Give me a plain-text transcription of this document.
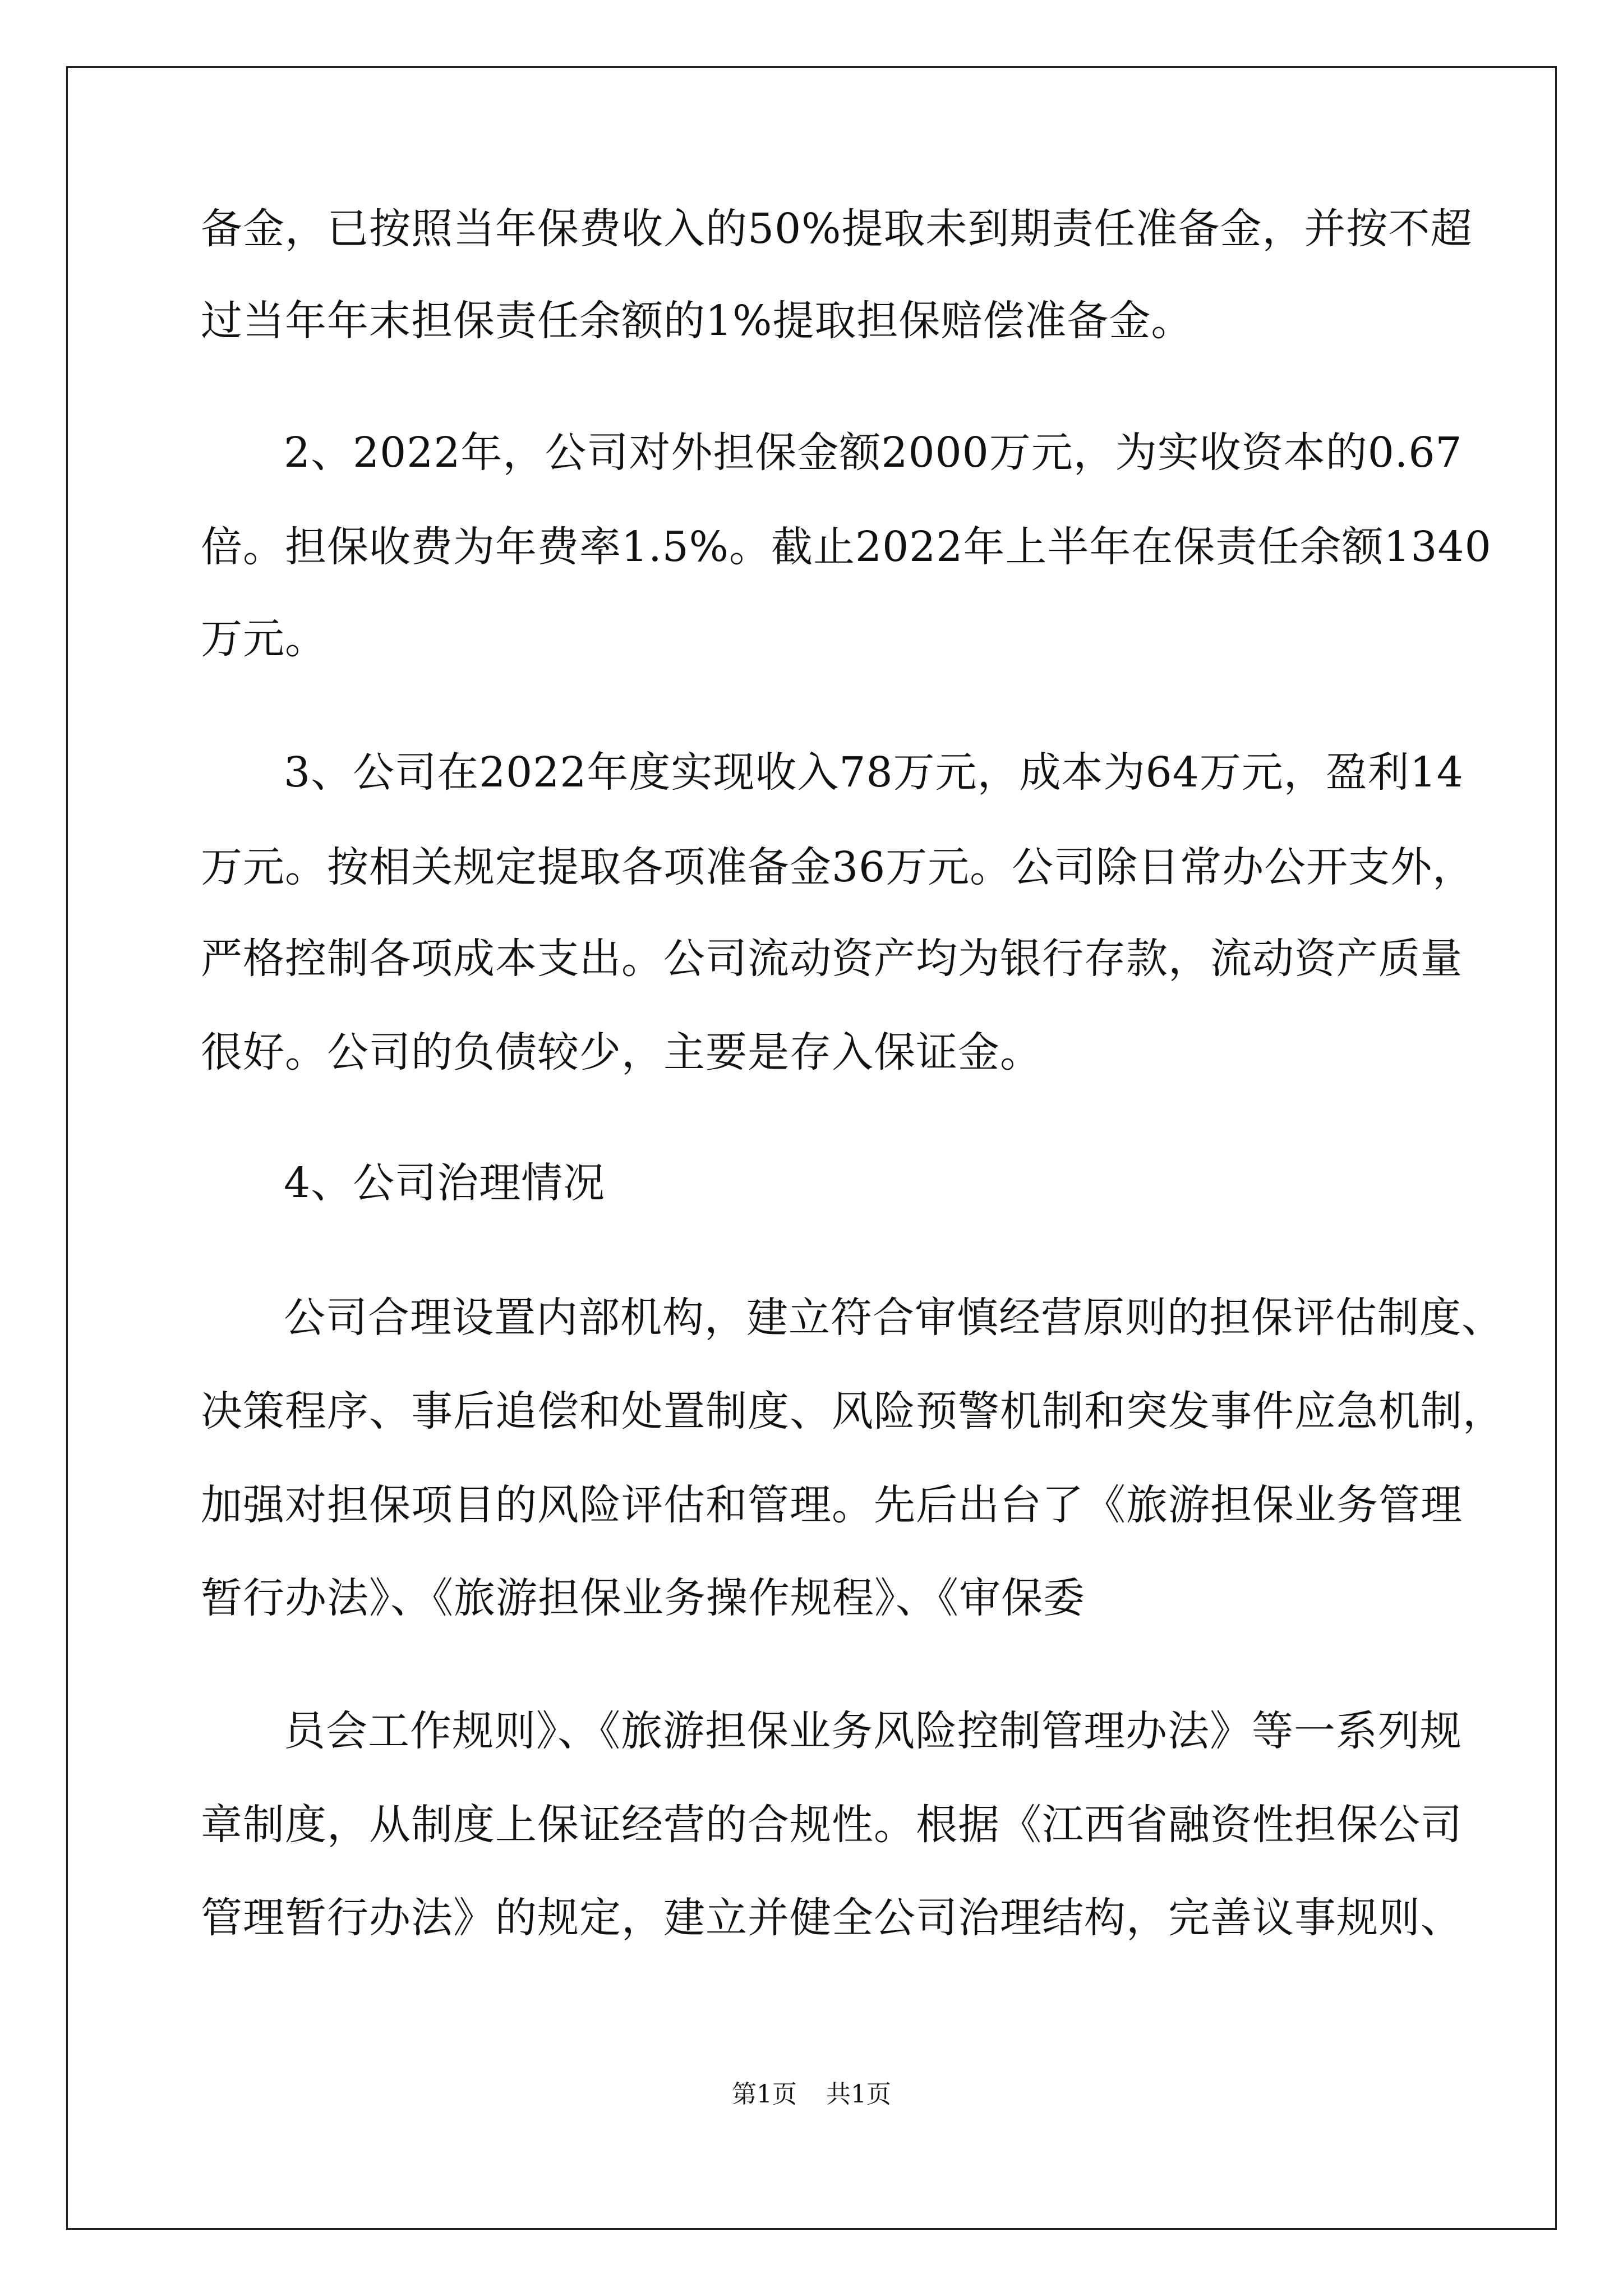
备金，已按照当年保费收入的50%提取未到期责任准备金，并按不超
过当年年末担保责任余额的1%提取担保赔偿准备金。
2、2022年，公司对外担保金额2000万元，为实收资本的0.67
倍。担保收费为年费率1.5%。截止2022年上半年在保责任余额1340
万元。
3、公司在2022年度实现收入78万元，成本为64万元，盈利14
万元。按相关规定提取各项准备金36万元。公司除日常办公开支外，
严格控制各项成本支出。公司流动资产均为银行存款，流动资产质量
很好。公司的负债较少，主要是存入保证金。
4、公司治理情况
公司合理设置内部机构，建立符合审慎经营原则的担保评估制度、
决策程序、事后追偿和处置制度、风险预警机制和突发事件应急机制，
加强对担保项目的风险评估和管理。先后出台了《旅游担保业务管理
暂行办法》、《旅游担保业务操作规程》、《审保委
员会工作规则》、《旅游担保业务风险控制管理办法》等一系列规
章制度，从制度上保证经营的合规性。根据《江西省融资性担保公司
管理暂行办法》的规定，建立并健全公司治理结构，完善议事规则、
第1页 共1页
